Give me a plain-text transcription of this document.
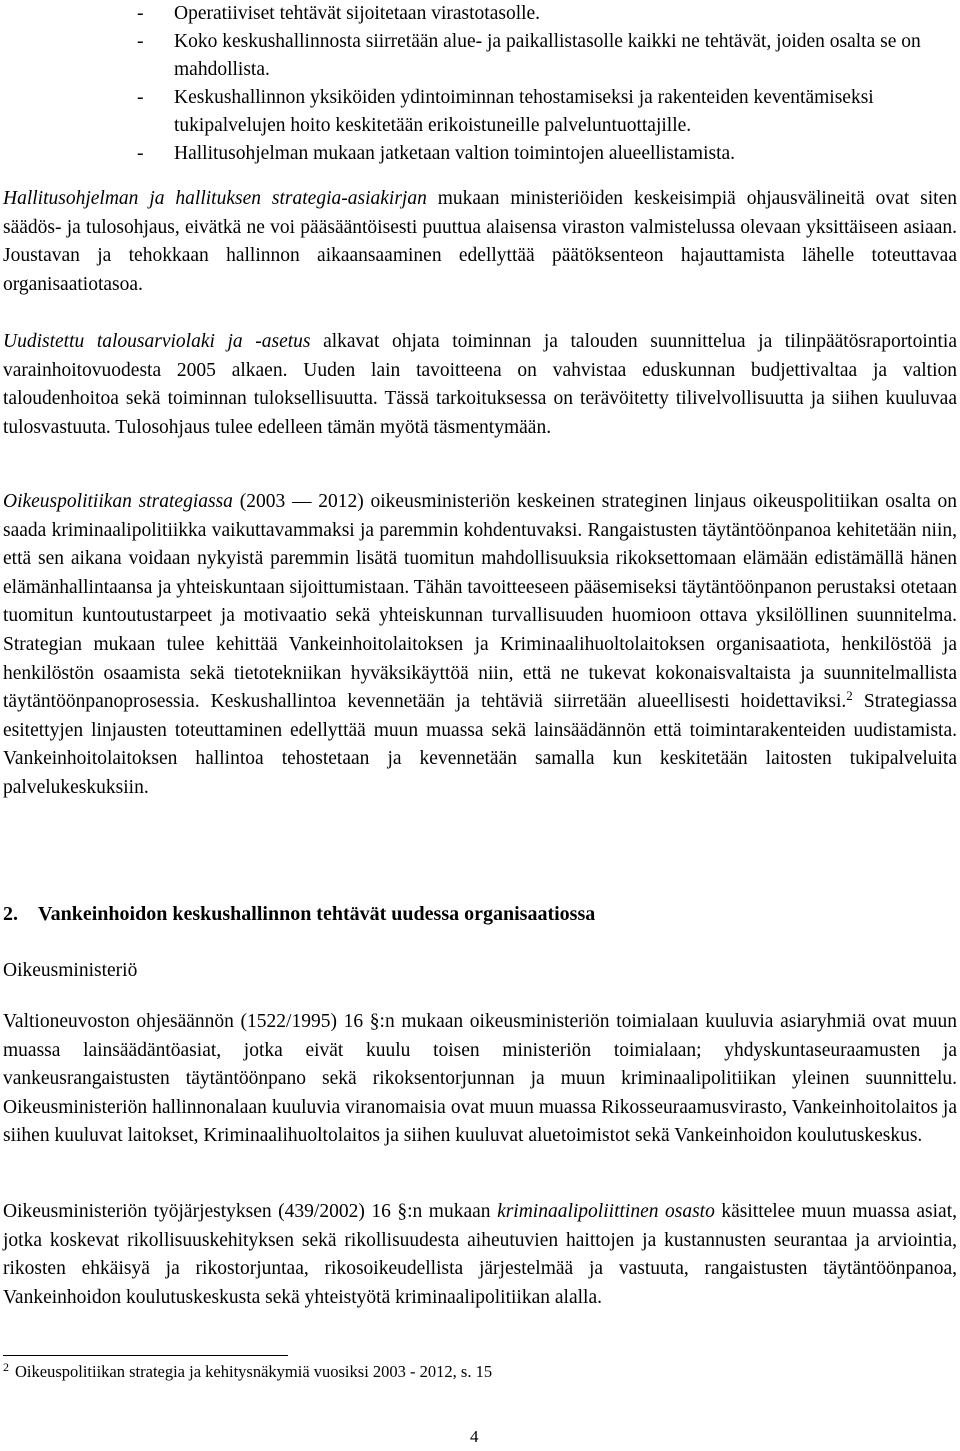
- Operatiiviset tehtävät sijoitetaan virastotasolle.
- Koko keskushallinnosta siirretään alue- ja paikallistasolle kaikki ne tehtävät, joiden osalta se on mahdollista.
- Keskushallinnon yksiköiden ydintoiminnan tehostamiseksi ja rakenteiden keventämiseksi tukipalvelujen hoito keskitetään erikoistuneille palveluntuottajille.
- Hallitusohjelman mukaan jatketaan valtion toimintojen alueellistamista.

Hallitusohjelman ja hallituksen strategia-asiakirjan mukaan ministeriöiden keskeisimpiä ohjausvälineitä ovat siten säädös- ja tulosohjaus, eivätkä ne voi pääsääntöisesti puuttua alaisensa viraston valmistelussa olevaan yksittäiseen asiaan. Joustavan ja tehokkaan hallinnon aikaansaaminen edellyttää päätöksenteon hajauttamista lähelle toteuttavaa organisaatiotasoa.

Uudistettu talousarviolaki ja -asetus alkavat ohjata toiminnan ja talouden suunnittelua ja tilinpäätösraportointia varainhoitovuodesta 2005 alkaen. Uuden lain tavoitteena on vahvistaa eduskunnan budjettivaltaa ja valtion taloudenhoitoa sekä toiminnan tuloksellisuutta. Tässä tarkoituksessa on terävöitetty tilivelvollisuutta ja siihen kuuluvaa tulosvastuuta. Tulosohjaus tulee edelleen tämän myötä täsmentymään.

Oikeuspolitiikan strategiassa (2003 — 2012) oikeusministeriön keskeinen strateginen linjaus oikeuspolitiikan osalta on saada kriminaalipolitiikka vaikuttavammaksi ja paremmin kohdentuvaksi. Rangaistusten täytäntöönpanoa kehitetään niin, että sen aikana voidaan nykyistä paremmin lisätä tuomitun mahdollisuuksia rikoksettomaan elämään edistämällä hänen elämänhallintaansa ja yhteiskuntaan sijoittumistaan. Tähän tavoitteeseen pääsemiseksi täytäntöönpanon perustaksi otetaan tuomitun kuntoutustarpeet ja motivaatio sekä yhteiskunnan turvallisuuden huomioon ottava yksilöllinen suunnitelma. Strategian mukaan tulee kehittää Vankeinhoitolaitoksen ja Kriminaalihuoltolaitoksen organisaatiota, henkilöstöä ja henkilöstön osaamista sekä tietotekniikan hyväksikäyttöä niin, että ne tukevat kokonaisvaltaista ja suunnitelmallista täytäntöönpanoprosessia. Keskushallintoa kevennetään ja tehtäviä siirretään alueellisesti hoidettaviksi.$^2$ Strategiassa esitettyjen linjausten toteuttaminen edellyttää muun muassa sekä lainsäädännön että toimintarakenteiden uudistamista. Vankeinhoitolaitoksen hallintoa tehostetaan ja kevennetään samalla kun keskitetään laitosten tukipalveluita palvelukeskuksiin.

2. Vankeinhoidon keskushallinnon tehtävät uudessa organisaatiossa
Oikeusministeriö

Valtioneuvoston ohjesäännön (1522/1995) 16 §:n mukaan oikeusministeriön toimialaan kuuluvia asiaryhmiä ovat muun muassa lainsäädäntöasiat, jotka eivät kuulu toisen ministeriön toimialaan; yhdyskuntaseuraamusten ja vankeusrangaistusten täytäntöönpano sekä rikoksentorjunnan ja muun kriminaalipolitiikan yleinen suunnittelu. Oikeusministeriön hallinnonalaan kuuluvia viranomaisia ovat muun muassa Rikosseuraamusvirasto, Vankeinhoitolaitos ja siihen kuuluvat laitokset, Kriminaalihuoltolaitos ja siihen kuuluvat aluetoimistot sekä Vankeinhoidon koulutuskeskus.

Oikeusministeriön työjärjestyksen (439/2002) 16 §:n mukaan kriminaalipoliittinen osasto käsittelee muun muassa asiat, jotka koskevat rikollisuuskehityksen sekä rikollisuudesta aiheutuvien haittojen ja kustannusten seurantaa ja arviointia, rikosten ehkäisyä ja rikostorjuntaa, rikosoikeudellista järjestelmää ja vastuuta, rangaistusten täytäntöönpanoa, Vankeinhoidon koulutuskeskusta sekä yhteistyötä kriminaalipolitiikan alalla.

$^2$ Oikeuspolitiikan strategia ja kehitysnäkymiä vuosiksi 2003 - 2012, s. 15
4
